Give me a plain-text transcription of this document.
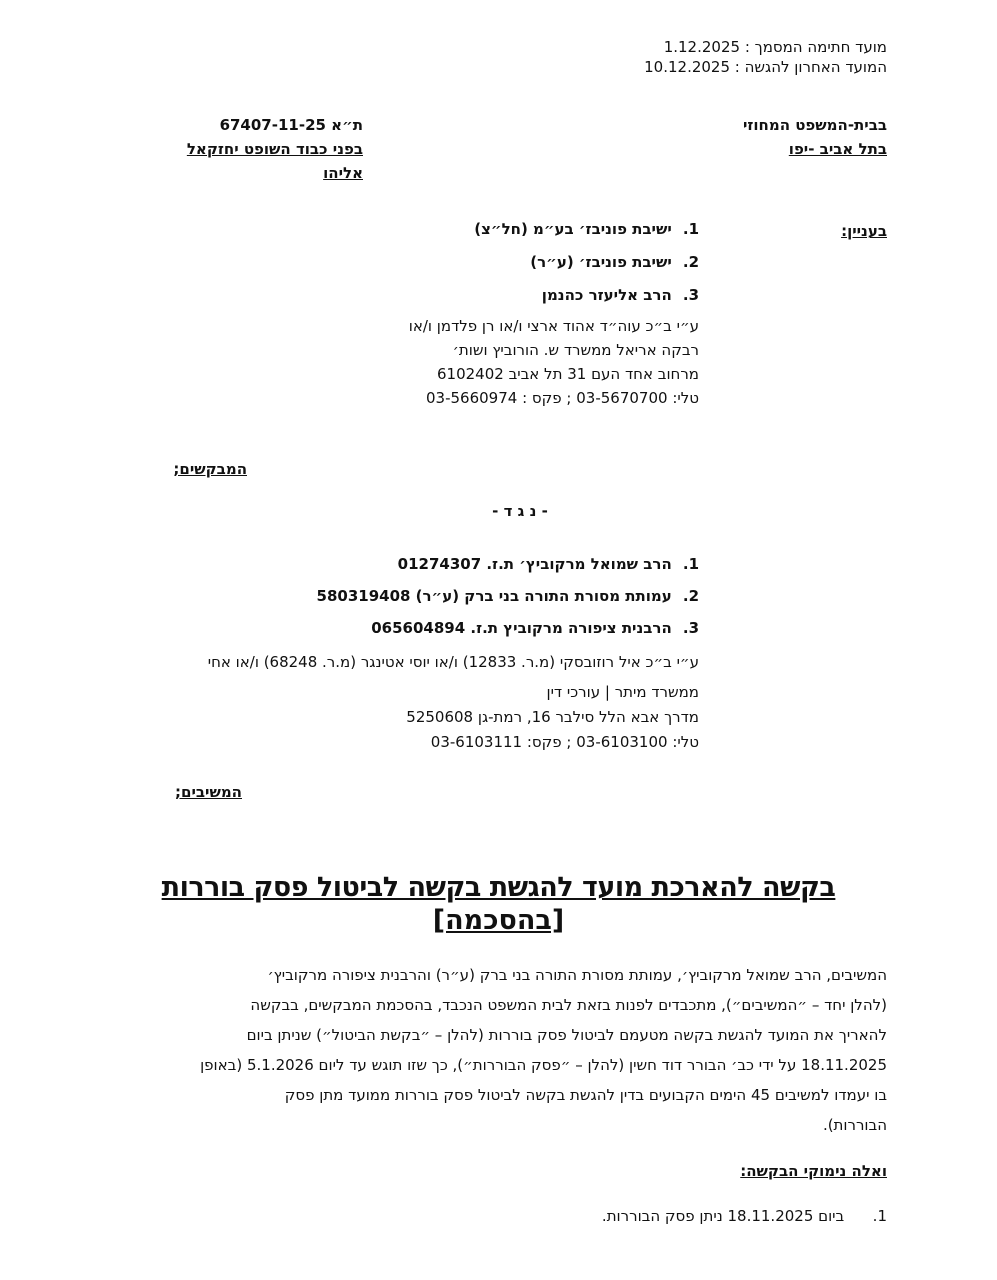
מועד חתימה המסמך : 1.12.2025
המועד האחרון להגשה : 10.12.2025
בבית-המשפט המחוזי
בתל אביב -יפו
ת״א 67407-11-25
בפני כבוד השופט יחזקאל
אליהו
בעניין:
1. ישיבת פוניבז׳ בע״מ (חל״צ)
2. ישיבת פוניבז׳ (ע״ר)
3. הרב אליעזר כהנמן
ע״י ב״כ עוה״ד אהוד ארצי ו/או רן פלדמן ו/או
רבקה אריאל ממשרד ש. הורוביץ ושות׳
מרחוב אחד העם 31 תל אביב 6102402
טלי: 03-5670700 ; פקס : 03-5660974
המבקשים;
- נ ג ד -
1. הרב שמואל מרקוביץ׳ ת.ז. 01274307
2. עמותת מסורת התורה בני ברק (ע״ר) 580319408
3. הרבנית ציפורה מרקוביץ ת.ז. 065604894
ע״י ב״כ איל רוזובסקי (מ.ר. 12833) ו/או יוסי אטינגר (מ.ר. 68248) ו/או אחי
ממשרד מיתר | עורכי דין
מדרך אבא הלל סילבר 16, רמת-גן 5250608
טלי: 03-6103100 ; פקס: 03-6103111
המשיבים;
בקשה להארכת מועד להגשת בקשה לביטול פסק בוררות
[בהסכמה]
המשיבים, הרב שמואל מרקוביץ׳, עמותת מסורת התורה בני ברק (ע״ר) והרבנית ציפורה מרקוביץ׳
(להלן יחד – ״המשיבים״), מתכבדים לפנות בזאת לבית המשפט הנכבד, בהסכמת המבקשים, בבקשה
להאריך את המועד להגשת בקשה מטעמם לביטול פסק בוררות (להלן – ״בקשת הביטול״) שניתן ביום
18.11.2025 על ידי כב׳ הבורר דוד חשין (להלן – ״פסק הבוררות״), כך שזו תוגש עד ליום 5.1.2026 (באופן
בו יעמדו למשיבים 45 הימים הקבועים בדין להגשת בקשה לביטול פסק בוררות ממועד מתן פסק
הבוררות).
ואלה נימוקי הבקשה:
1. ביום 18.11.2025 ניתן פסק הבוררות.
